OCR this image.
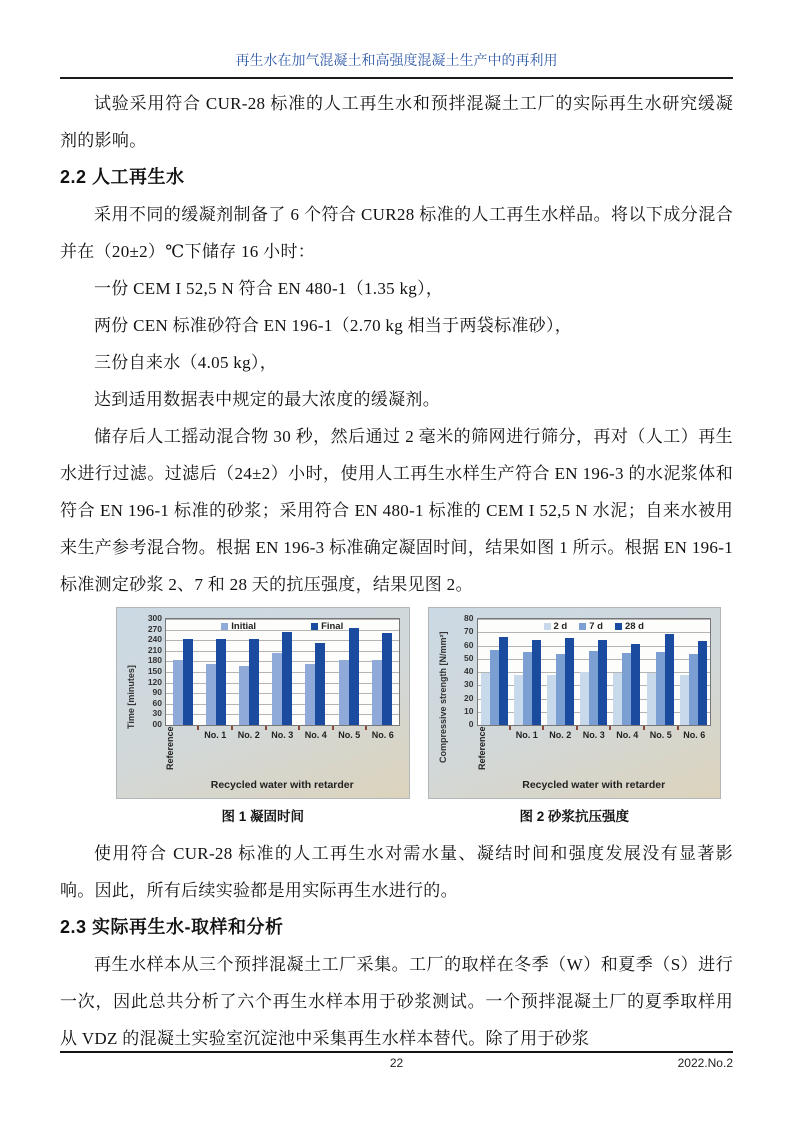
再生水在加气混凝土和高强度混凝土生产中的再利用

试验采用符合 CUR-28 标准的人工再生水和预拌混凝土工厂的实际再生水研究缓凝剂的影响。

2.2 人工再生水

采用不同的缓凝剂制备了 6 个符合 CUR28 标准的人工再生水样品。将以下成分混合并在（20±2）℃下储存 16 小时：

一份 CEM I 52,5 N 符合 EN 480-1（1.35 kg），

两份 CEN 标准砂符合 EN 196-1（2.70 kg 相当于两袋标准砂），

三份自来水（4.05 kg），

达到适用数据表中规定的最大浓度的缓凝剂。

储存后人工摇动混合物 30 秒，然后通过 2 毫米的筛网进行筛分，再对（人工）再生水进行过滤。过滤后（24±2）小时，使用人工再生水样生产符合 EN 196-3 的水泥浆体和符合 EN 196-1 标准的砂浆；采用符合 EN 480-1 标准的 CEM I 52,5 N 水泥；自来水被用来生产参考混合物。根据 EN 196-3 标准确定凝固时间，结果如图 1 所示。根据 EN 196-1 标准测定砂浆 2、7 和 28 天的抗压强度，结果见图 2。

Time [minutes]	00
30
60
90
120
150
180
210
240
270
300
Initial	Final
Reference	No. 1	No. 2	No. 3	No. 4	No. 5	No. 6
Recycled water with retarder
图 1 凝固时间
Compressive strength [N/mm²]	0
10
20
30
40
50
60
70
80
2 d 7 d 28 d
Reference	No. 1	No. 2	No. 3	No. 4	No. 5	No. 6
Recycled water with retarder
图 2 砂浆抗压强度

使用符合 CUR-28 标准的人工再生水对需水量、凝结时间和强度发展没有显著影响。因此，所有后续实验都是用实际再生水进行的。

2.3 实际再生水-取样和分析

再生水样本从三个预拌混凝土工厂采集。工厂的取样在冬季（W）和夏季（S）进行一次，因此总共分析了六个再生水样本用于砂浆测试。一个预拌混凝土厂的夏季取样用从 VDZ 的混凝土实验室沉淀池中采集再生水样本替代。除了用于砂浆

22	2022.No.2
